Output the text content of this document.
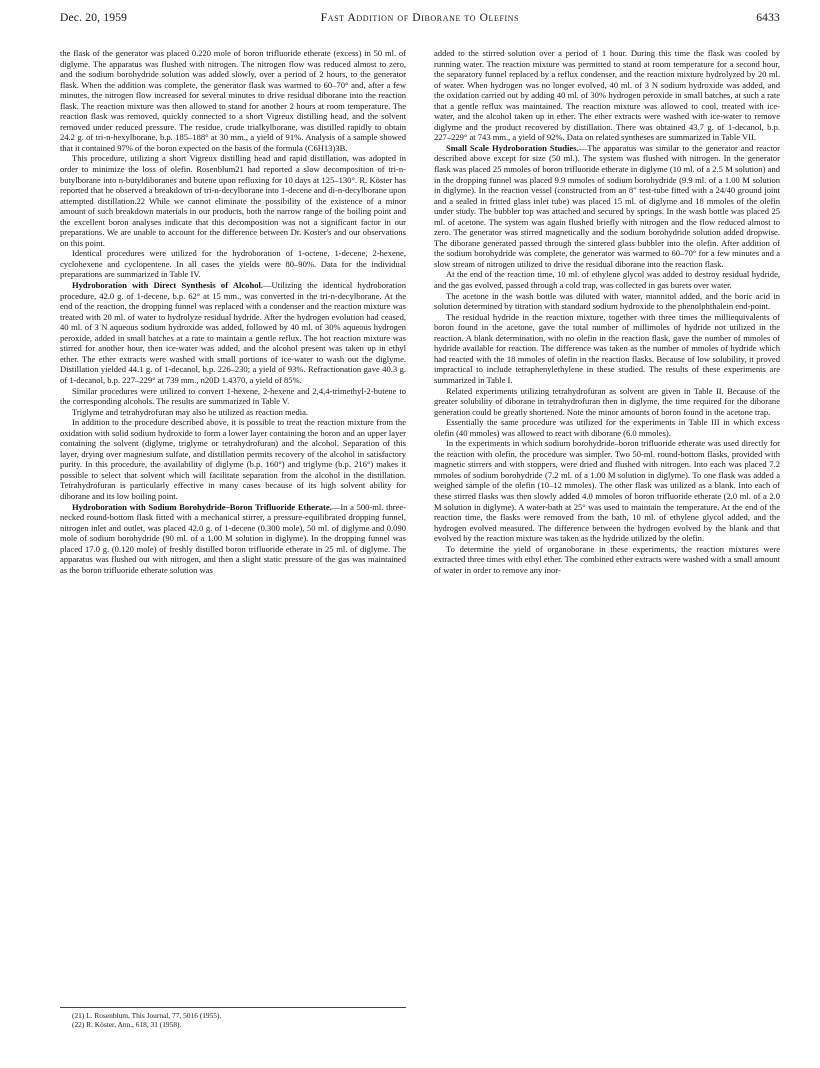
Dec. 20, 1959	Fast Addition of Diborane to Olefins	6433

the flask of the generator was placed 0.220 mole of boron trifluoride etherate (excess) in 50 ml. of diglyme. The apparatus was flushed with nitrogen. The nitrogen flow was reduced almost to zero, and the sodium borohydride solution was added slowly, over a period of 2 hours, to the generator flask. When the addition was complete, the generator flask was warmed to 60–70° and, after a few minutes, the nitrogen flow increased for several minutes to drive residual diborane into the reaction flask. The reaction mixture was then allowed to stand for another 2 hours at room temperature. The reaction flask was removed, quickly connected to a short Vigreux distilling head, and the solvent removed under reduced pressure. The residue, crude trialkylborane, was distilled rapidly to obtain 24.2 g. of tri-n-hexylborane, b.p. 185–188° at 30 mm., a yield of 91%. Analysis of a sample showed that it contained 97% of the boron expected on the basis of the formula (C6H13)3B.

This procedure, utilizing a short Vigreux distilling head and rapid distillation, was adopted in order to minimize the loss of olefin. Rosenblum21 had reported a slow decomposition of tri-n-butylborane into n-butyldiboranes and butene upon refluxing for 10 days at 125–130°. R. Köster has reported that he observed a breakdown of tri-n-decylborane into 1-decene and di-n-decylborane upon attempted distillation.22 While we cannot eliminate the possibility of the existence of a minor amount of such breakdown materials in our products, both the narrow range of the boiling point and the excellent boron analyses indicate that this decomposition was not a significant factor in our preparations. We are unable to account for the difference between Dr. Koster's and our observations on this point.

Identical procedures were utilized for the hydroboration of 1-octene, 1-decene, 2-hexene, cyclohexene and cyclopentene. In all cases the yields were 80–90%. Data for the individual preparations are summarized in Table IV.

Hydroboration with Direct Synthesis of Alcohol.—Utilizing the identical hydroboration procedure, 42.0 g. of 1-decene, b.p. 62° at 15 mm., was converted in the tri-n-decylborane. At the end of the reaction, the dropping funnel was replaced with a condenser and the reaction mixture was treated with 20 ml. of water to hydrolyze residual hydride. After the hydrogen evolution had ceased, 40 ml. of 3 N aqueous sodium hydroxide was added, followed by 40 ml. of 30% aqueous hydrogen peroxide, added in small batches at a rate to maintain a gentle reflux. The hot reaction mixture was stirred for another hour, then ice-water was added, and the alcohol present was taken up in ethyl ether. The ether extracts were washed with small portions of ice-water to wash out the diglyme. Distillation yielded 44.1 g. of 1-decanol, b.p. 226–230; a yield of 93%. Refractionation gave 40.3 g. of 1-decanol, b.p. 227–229° at 739 mm., n20D 1.4370, a yield of 85%.

Similar procedures were utilized to convert 1-hexene, 2-hexene and 2,4,4-trimethyl-2-butene to the corresponding alcohols. The results are summarized in Table V.

Triglyme and tetrahydrofuran may also be utilized as reaction media.

In addition to the procedure described above, it is possible to treat the reaction mixture from the oxidation with solid sodium hydroxide to form a lower layer containing the boron and an upper layer containing the solvent (diglyme, triglyme or tetrahydrofuran) and the alcohol. Separation of this layer, drying over magnesium sulfate, and distillation permits recovery of the alcohol in satisfactory purity. In this procedure, the availability of diglyme (b.p. 160°) and triglyme (b.p. 216°) makes it possible to select that solvent which will facilitate separation from the alcohol in the distillation. Tetrahydrofuran is particularly effective in many cases because of its high solvent ability for diborane and its low boiling point.

Hydroboration with Sodium Borohydride–Boron Trifluoride Etherate.—In a 500-ml. three-necked round-bottom flask fitted with a mechanical stirrer, a pressure-equilibrated dropping funnel, nitrogen inlet and outlet, was placed 42.0 g. of 1-decene (0.300 mole), 50 ml. of diglyme and 0.090 mole of sodium borohydride (90 ml. of a 1.00 M solution in diglyme). In the dropping funnel was placed 17.0 g. (0.120 mole) of freshly distilled boron trifluoride etherate in 25 ml. of diglyme. The apparatus was flushed out with nitrogen, and then a slight static pressure of the gas was maintained as the boron trifluoride etherate solution was

added to the stirred solution over a period of 1 hour. During this time the flask was cooled by running water. The reaction mixture was permitted to stand at room temperature for a second hour, the separatory funnel replaced by a reflux condenser, and the reaction mixture hydrolyzed by 20 ml. of water. When hydrogen was no longer evolved, 40 ml. of 3 N sodium hydroxide was added, and the oxidation carried out by adding 40 ml. of 30% hydrogen peroxide in small batches, at such a rate that a gentle reflux was maintained. The reaction mixture was allowed to cool, treated with ice-water, and the alcohol taken up in ether. The ether extracts were washed with ice-water to remove diglyme and the product recovered by distillation. There was obtained 43.7 g. of 1-decanol, b.p. 227–229° at 743 mm., a yield of 92%. Data on related syntheses are summarized in Table VII.

Small Scale Hydroboration Studies.—The apparatus was similar to the generator and reactor described above except for size (50 ml.). The system was flushed with nitrogen. In the generator flask was placed 25 mmoles of boron trifluoride etherate in diglyme (10 ml. of a 2.5 M solution) and in the dropping funnel was placed 9.9 mmoles of sodium borohydride (9.9 ml. of a 1.00 M solution in diglyme). In the reaction vessel (constructed from an 8″ test-tube fitted with a 24/40 ground joint and a sealed in fritted glass inlet tube) was placed 15 ml. of diglyme and 18 mmoles of the olefin under study. The bubbler top was attached and secured by springs. In the wash bottle was placed 25 ml. of acetone. The system was again flushed briefly with nitrogen and the flow reduced almost to zero. The generator was stirred magnetically and the sodium borohydride solution added dropwise. The diborane generated passed through the sintered glass bubbler into the olefin. After addition of the sodium borohydride was complete, the generator was warmed to 60–70° for a few minutes and a slow stream of nitrogen utilized to drive the residual diborane into the reaction flask.

At the end of the reaction time, 10 ml. of ethylene glycol was added to destroy residual hydride, and the gas evolved, passed through a cold trap, was collected in gas burets over water.

The acetone in the wash bottle was diluted with water, mannitol added, and the boric acid in solution determined by titration with standard sodium hydroxide to the phenolphthalein end-point.

The residual hydride in the reaction mixture, together with three times the milliequivalents of boron found in the acetone, gave the total number of millimoles of hydride not utilized in the reaction. A blank determination, with no olefin in the reaction flask, gave the number of mmoles of hydride available for reaction. The difference was taken as the number of mmoles of hydride which had reacted with the 18 mmoles of olefin in the reaction flasks. Because of low solubility, it proved impractical to include tetraphenylethylene in these studied. The results of these experiments are summarized in Table I.

Related experiments utilizing tetrahydrofuran as solvent are given in Table II. Because of the greater solubility of diborane in tetrahydrofuran then in diglyme, the time required for the diborane generation could be greatly shortened. Note the minor amounts of boron found in the acetone trap.

Essentially the same procedure was utilized for the experiments in Table III in which excess olefin (40 mmoles) was allowed to react with diborane (6.0 mmoles).

In the experiments in which sodium borohydride–boron trifluoride etherate was used directly for the reaction with olefin, the procedure was simpler. Two 50-ml. round-bottom flasks, provided with magnetic stirrers and with stoppers, were dried and flushed with nitrogen. Into each was placed 7.2 mmoles of sodium borohydride (7.2 ml. of a 1.00 M solution in diglyme). To one flask was added a weighed sample of the olefin (10–12 mmoles). The other flask was utilized as a blank. Into each of these stirred flasks was then slowly added 4.0 mmoles of boron trifluoride etherate (2.0 ml. of a 2.0 M solution in diglyme). A water-bath at 25° was used to maintain the temperature. At the end of the reaction time, the flasks were removed from the bath, 10 ml. of ethylene glycol added, and the hydrogen evolved measured. The difference between the hydrogen evolved by the blank and that evolved by the reaction mixture was taken as the hydride utilized by the olefin.

To determine the yield of organoborane in these experiments, the reaction mixtures were extracted three times with ethyl ether. The combined ether extracts were washed with a small amount of water in order to remove any inor-

(21) L. Rosenblum, This Journal, 77, 5016 (1955).
(22) R. Köster, Ann., 618, 31 (1958).
